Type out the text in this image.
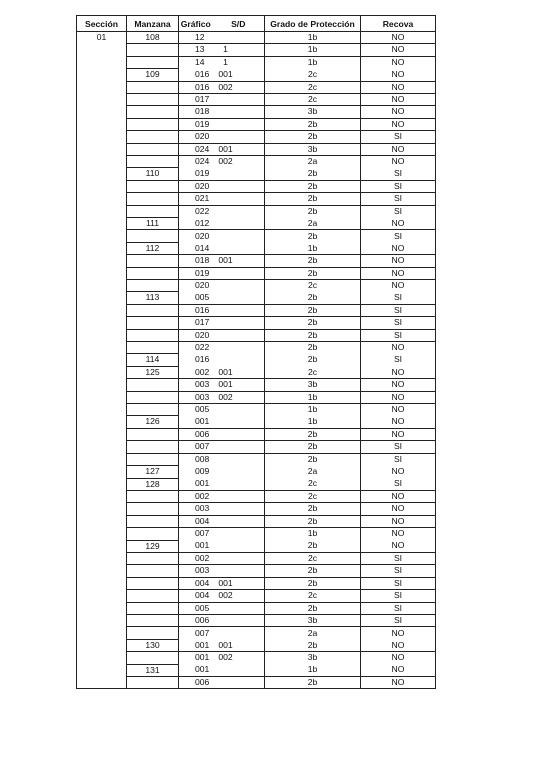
Sección	Manzana	Gráfico	S/D	Grado de Protección	Recova
01	108	12		1b	NO
		13	1	1b	NO
		14	1	1b	NO
	109	016	001	2c	NO
		016	002	2c	NO
		017		2c	NO
		018		3b	NO
		019		2b	NO
		020		2b	SI
		024	001	3b	NO
		024	002	2a	NO
	110	019		2b	SI
		020		2b	SI
		021		2b	SI
		022		2b	SI
	111	012		2a	NO
		020		2b	SI
	112	014		1b	NO
		018	001	2b	NO
		019		2b	NO
		020		2c	NO
	113	005		2b	SI
		016		2b	SI
		017		2b	SI
		020		2b	SI
		022		2b	NO
	114	016		2b	SI
	125	002	001	2c	NO
		003	001	3b	NO
		003	002	1b	NO
		005		1b	NO
	126	001		1b	NO
		006		2b	NO
		007		2b	SI
		008		2b	SI
	127	009		2a	NO
	128	001		2c	SI
		002		2c	NO
		003		2b	NO
		004		2b	NO
		007		1b	NO
	129	001		2b	NO
		002		2c	SI
		003		2b	SI
		004	001	2b	SI
		004	002	2c	SI
		005		2b	SI
		006		3b	SI
		007		2a	NO
	130	001	001	2b	NO
		001	002	3b	NO
	131	001		1b	NO
		006		2b	NO
